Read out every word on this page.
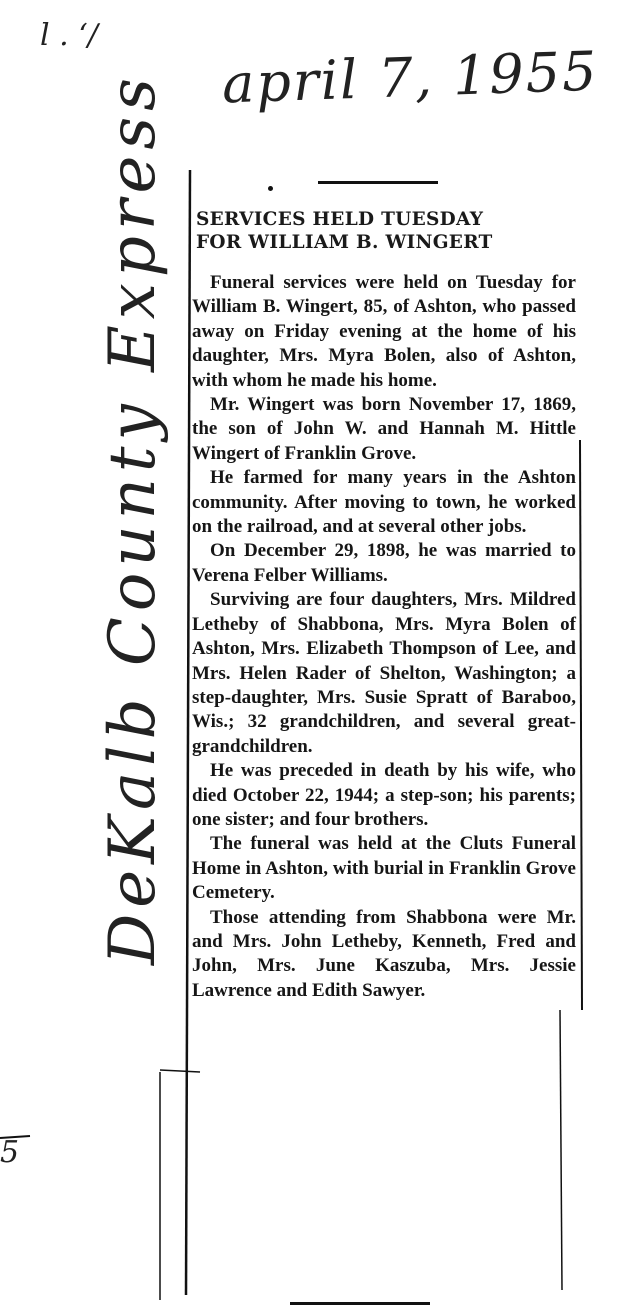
l . ‘/
april 7, 1955
DeKalb County Express
5
SERVICES HELD TUESDAY
FOR WILLIAM B. WINGERT

Funeral services were held on Tuesday for William B. Wingert, 85, of Ashton, who passed away on Friday evening at the home of his daughter, Mrs. Myra Bolen, also of Ashton, with whom he made his home.

Mr. Wingert was born November 17, 1869, the son of John W. and Hannah M. Hittle Wingert of Franklin Grove.

He farmed for many years in the Ashton community. After moving to town, he worked on the railroad, and at several other jobs.

On December 29, 1898, he was married to Verena Felber Williams.

Surviving are four daughters, Mrs. Mildred Letheby of Shabbona, Mrs. Myra Bolen of Ashton, Mrs. Elizabeth Thompson of Lee, and Mrs. Helen Rader of Shelton, Washington; a step-daughter, Mrs. Susie Spratt of Baraboo, Wis.; 32 grandchildren, and several great-grandchildren.

He was preceded in death by his wife, who died October 22, 1944; a step-son; his parents; one sister; and four brothers.

The funeral was held at the Cluts Funeral Home in Ashton, with burial in Franklin Grove Cemetery.

Those attending from Shabbona were Mr. and Mrs. John Letheby, Kenneth, Fred and John, Mrs. June Kaszuba, Mrs. Jessie Lawrence and Edith Sawyer.
